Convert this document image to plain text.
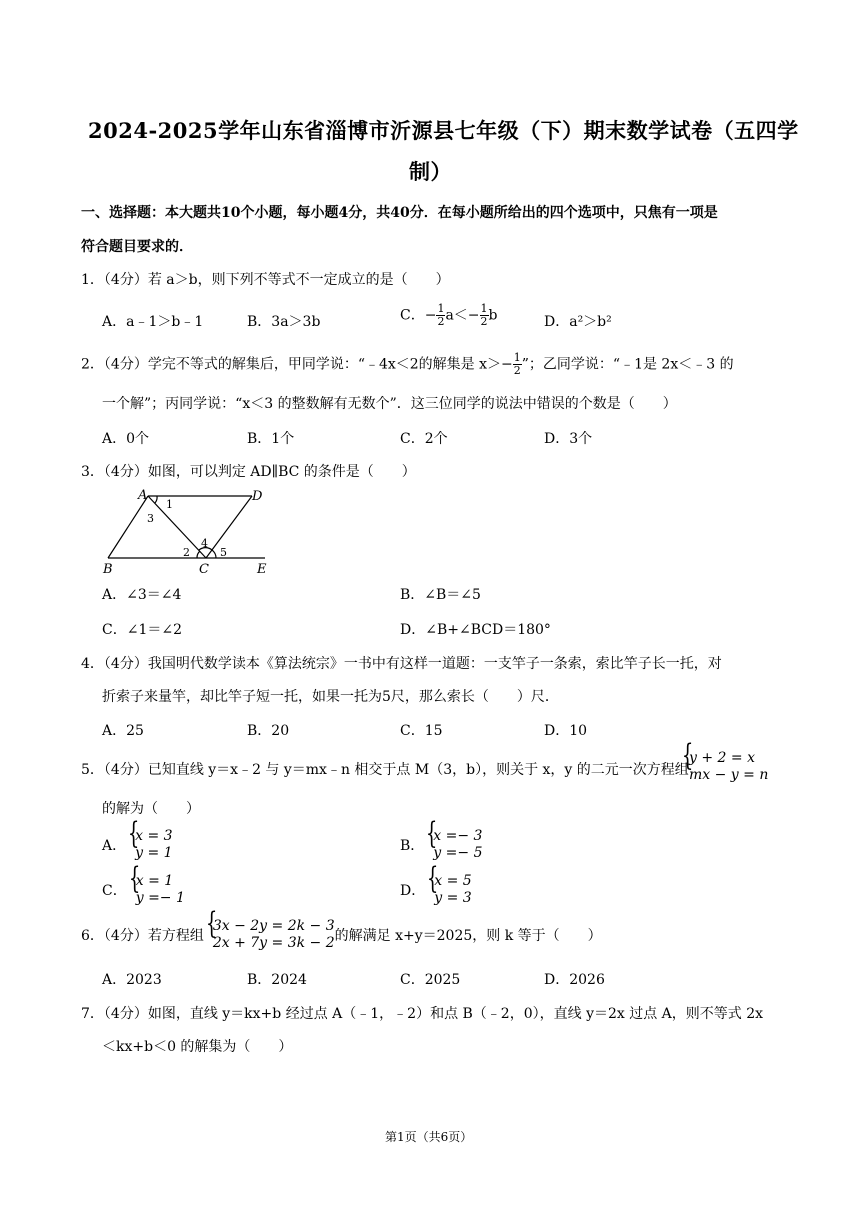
2024-2025学年山东省淄博市沂源县七年级（下）期末数学试卷（五四学
制）
一、选择题：本大题共10个小题，每小题4分，共40分．在每小题所给出的四个选项中，只焦有一项是
符合题目要求的．
1．（4分）若 a＞b，则下列不等式不一定成立的是（　　）
A．a﹣1＞b﹣1	B．3a＞3b	C．− $\frac{1}{2} a<- \frac{1}{2}$ b	D．a²＞b²
2．（4分）学完不等式的解集后，甲同学说：“﹣4x＜2的解集是 $x>- \frac{1}{2}$ ”；乙同学说：“﹣1是 2x＜﹣3 的
一个解”；丙同学说：“x＜3 的整数解有无数个”．这三位同学的说法中错误的个数是（　　）
A．0个	B．1个	C．2个	D．3个
3．（4分）如图，可以判定 AD∥BC 的条件是（　　）
A	D
B	C	E
1
3
4
2	5
A．∠3＝∠4	B．∠B＝∠5
C．∠1＝∠2	D．∠B+∠BCD＝180°
4．（4分）我国明代数学读本《算法统宗》一书中有这样一道题：一支竿子一条索，索比竿子长一托，对
折索子来量竿，却比竿子短一托，如果一托为5尺，那么索长（　　）尺．
A．25	B．20	C．15	D．10
5．（4分）已知直线 y＝x﹣2 与 y＝mx﹣n 相交于点 M（3，b），则关于 x，y 的二元一次方程组
{ y + 2 = x
mx − y = n
的解为（　　）
A．
{ x = 3
y = 1	B．
{ x =− 3
y =− 5
C．
{ x = 1
y =− 1	D．
{ x = 5
y = 3
6．（4分）若方程组
{ 3x − 2y = 2k − 3
2x + 7y = 3k − 2 的解满足 x+y＝2025，则 k 等于（　　）
A．2023	B．2024	C．2025	D．2026
7．（4分）如图，直线 y＝kx+b 经过点 A（﹣1，﹣2）和点 B（﹣2，0），直线 y＝2x 过点 A，则不等式 2x
＜kx+b＜0 的解集为（　　）
第1页（共6页）
